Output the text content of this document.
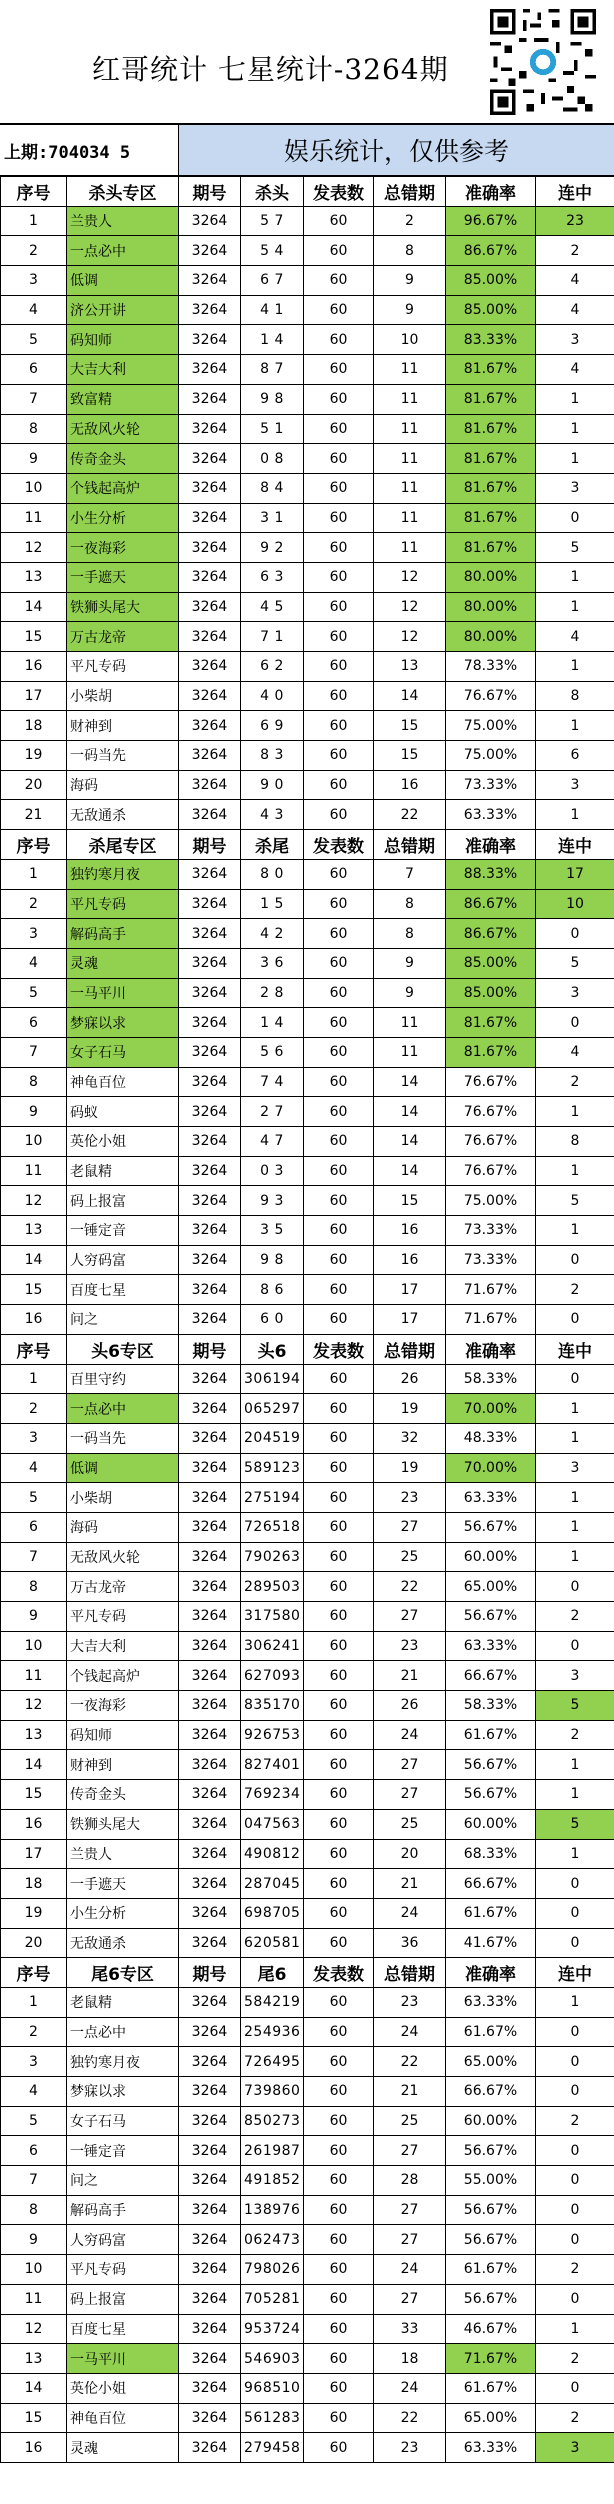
红哥统计 七星统计-3264期
上期:704034 5	娱乐统计，仅供参考
序号	杀头专区	期号	杀头	发表数	总错期	准确率	连中
1	兰贵人	3264	5 7	60	2	96.67%	23
2	一点必中	3264	5 4	60	8	86.67%	2
3	低调	3264	6 7	60	9	85.00%	4
4	济公开讲	3264	4 1	60	9	85.00%	4
5	码知师	3264	1 4	60	10	83.33%	3
6	大吉大利	3264	8 7	60	11	81.67%	4
7	致富精	3264	9 8	60	11	81.67%	1
8	无敌风火轮	3264	5 1	60	11	81.67%	1
9	传奇金头	3264	0 8	60	11	81.67%	1
10	个钱起高炉	3264	8 4	60	11	81.67%	3
11	小生分析	3264	3 1	60	11	81.67%	0
12	一夜海彩	3264	9 2	60	11	81.67%	5
13	一手遮天	3264	6 3	60	12	80.00%	1
14	铁狮头尾大	3264	4 5	60	12	80.00%	1
15	万古龙帝	3264	7 1	60	12	80.00%	4
16	平凡专码	3264	6 2	60	13	78.33%	1
17	小柴胡	3264	4 0	60	14	76.67%	8
18	财神到	3264	6 9	60	15	75.00%	1
19	一码当先	3264	8 3	60	15	75.00%	6
20	海码	3264	9 0	60	16	73.33%	3
21	无敌通杀	3264	4 3	60	22	63.33%	1
序号	杀尾专区	期号	杀尾	发表数	总错期	准确率	连中
1	独钓寒月夜	3264	8 0	60	7	88.33%	17
2	平凡专码	3264	1 5	60	8	86.67%	10
3	解码高手	3264	4 2	60	8	86.67%	0
4	灵魂	3264	3 6	60	9	85.00%	5
5	一马平川	3264	2 8	60	9	85.00%	3
6	梦寐以求	3264	1 4	60	11	81.67%	0
7	女子石马	3264	5 6	60	11	81.67%	4
8	神龟百位	3264	7 4	60	14	76.67%	2
9	码蚁	3264	2 7	60	14	76.67%	1
10	英伦小姐	3264	4 7	60	14	76.67%	8
11	老鼠精	3264	0 3	60	14	76.67%	1
12	码上报富	3264	9 3	60	15	75.00%	5
13	一锤定音	3264	3 5	60	16	73.33%	1
14	人穷码富	3264	9 8	60	16	73.33%	0
15	百度七星	3264	8 6	60	17	71.67%	2
16	问之	3264	6 0	60	17	71.67%	0
序号	头6专区	期号	头6	发表数	总错期	准确率	连中
1	百里守约	3264	306194	60	26	58.33%	0
2	一点必中	3264	065297	60	19	70.00%	1
3	一码当先	3264	204519	60	32	48.33%	1
4	低调	3264	589123	60	19	70.00%	3
5	小柴胡	3264	275194	60	23	63.33%	1
6	海码	3264	726518	60	27	56.67%	1
7	无敌风火轮	3264	790263	60	25	60.00%	1
8	万古龙帝	3264	289503	60	22	65.00%	0
9	平凡专码	3264	317580	60	27	56.67%	2
10	大吉大利	3264	306241	60	23	63.33%	0
11	个钱起高炉	3264	627093	60	21	66.67%	3
12	一夜海彩	3264	835170	60	26	58.33%	5
13	码知师	3264	926753	60	24	61.67%	2
14	财神到	3264	827401	60	27	56.67%	1
15	传奇金头	3264	769234	60	27	56.67%	1
16	铁狮头尾大	3264	047563	60	25	60.00%	5
17	兰贵人	3264	490812	60	20	68.33%	1
18	一手遮天	3264	287045	60	21	66.67%	0
19	小生分析	3264	698705	60	24	61.67%	0
20	无敌通杀	3264	620581	60	36	41.67%	0
序号	尾6专区	期号	尾6	发表数	总错期	准确率	连中
1	老鼠精	3264	584219	60	23	63.33%	1
2	一点必中	3264	254936	60	24	61.67%	0
3	独钓寒月夜	3264	726495	60	22	65.00%	0
4	梦寐以求	3264	739860	60	21	66.67%	0
5	女子石马	3264	850273	60	25	60.00%	2
6	一锤定音	3264	261987	60	27	56.67%	0
7	问之	3264	491852	60	28	55.00%	0
8	解码高手	3264	138976	60	27	56.67%	0
9	人穷码富	3264	062473	60	27	56.67%	0
10	平凡专码	3264	798026	60	24	61.67%	2
11	码上报富	3264	705281	60	27	56.67%	0
12	百度七星	3264	953724	60	33	46.67%	1
13	一马平川	3264	546903	60	18	71.67%	2
14	英伦小姐	3264	968510	60	24	61.67%	0
15	神龟百位	3264	561283	60	22	65.00%	2
16	灵魂	3264	279458	60	23	63.33%	3
